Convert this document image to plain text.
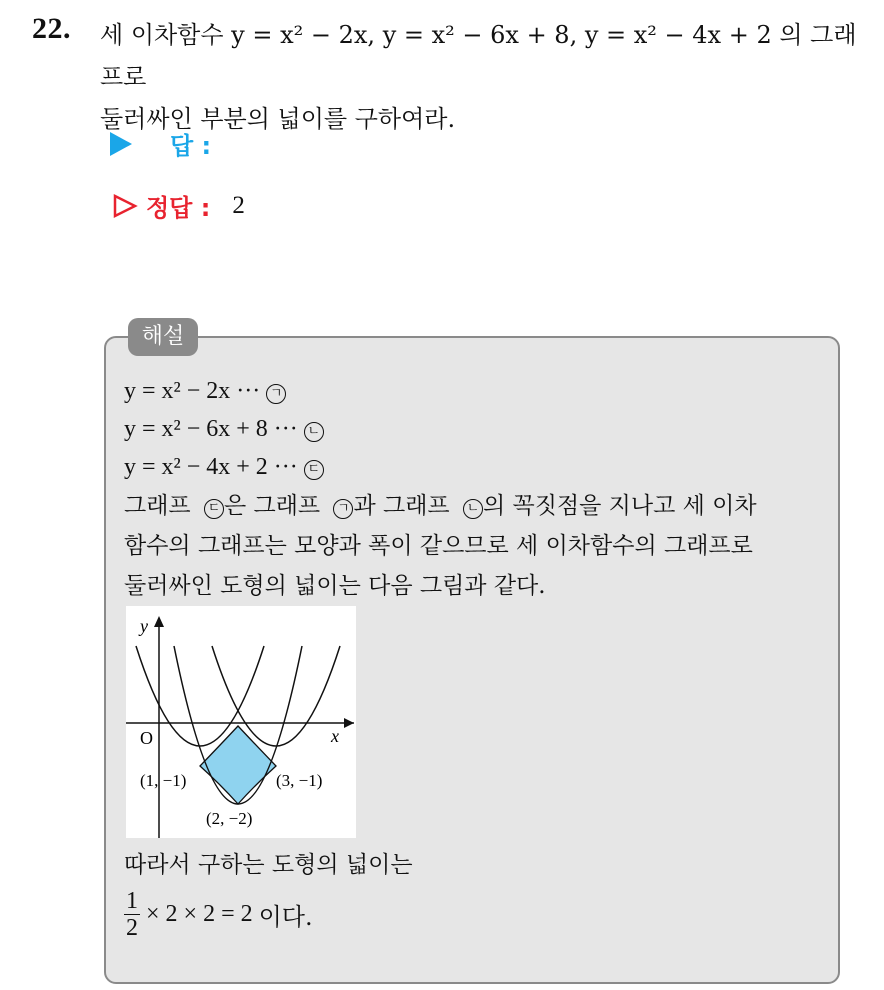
22. 세 이차함수 y = x² − 2x, y = x² − 6x + 8, y = x² − 4x + 2 의 그래프로
둘러싸인 부분의 넓이를 구하여라.
답 :
정답 : 2
해설
y = x² − 2x ··· ㄱ
y = x² − 6x + 8 ··· ㄴ
y = x² − 4x + 2 ··· ㄷ
그래프 ㄷ 은 그래프 ㄱ 과 그래프 ㄴ 의 꼭짓점을 지나고 세 이차
함수의 그래프는 모양과 폭이 같으므로 세 이차함수의 그래프로
둘러싸인 도형의 넓이는 다음 그림과 같다.
y
x
O
(1, −1)	(3, −1)
(2, −2)
따라서 구하는 도형의 넓이는
$\frac{1}{2} \times 2 \times 2 = 2$ 이다.
